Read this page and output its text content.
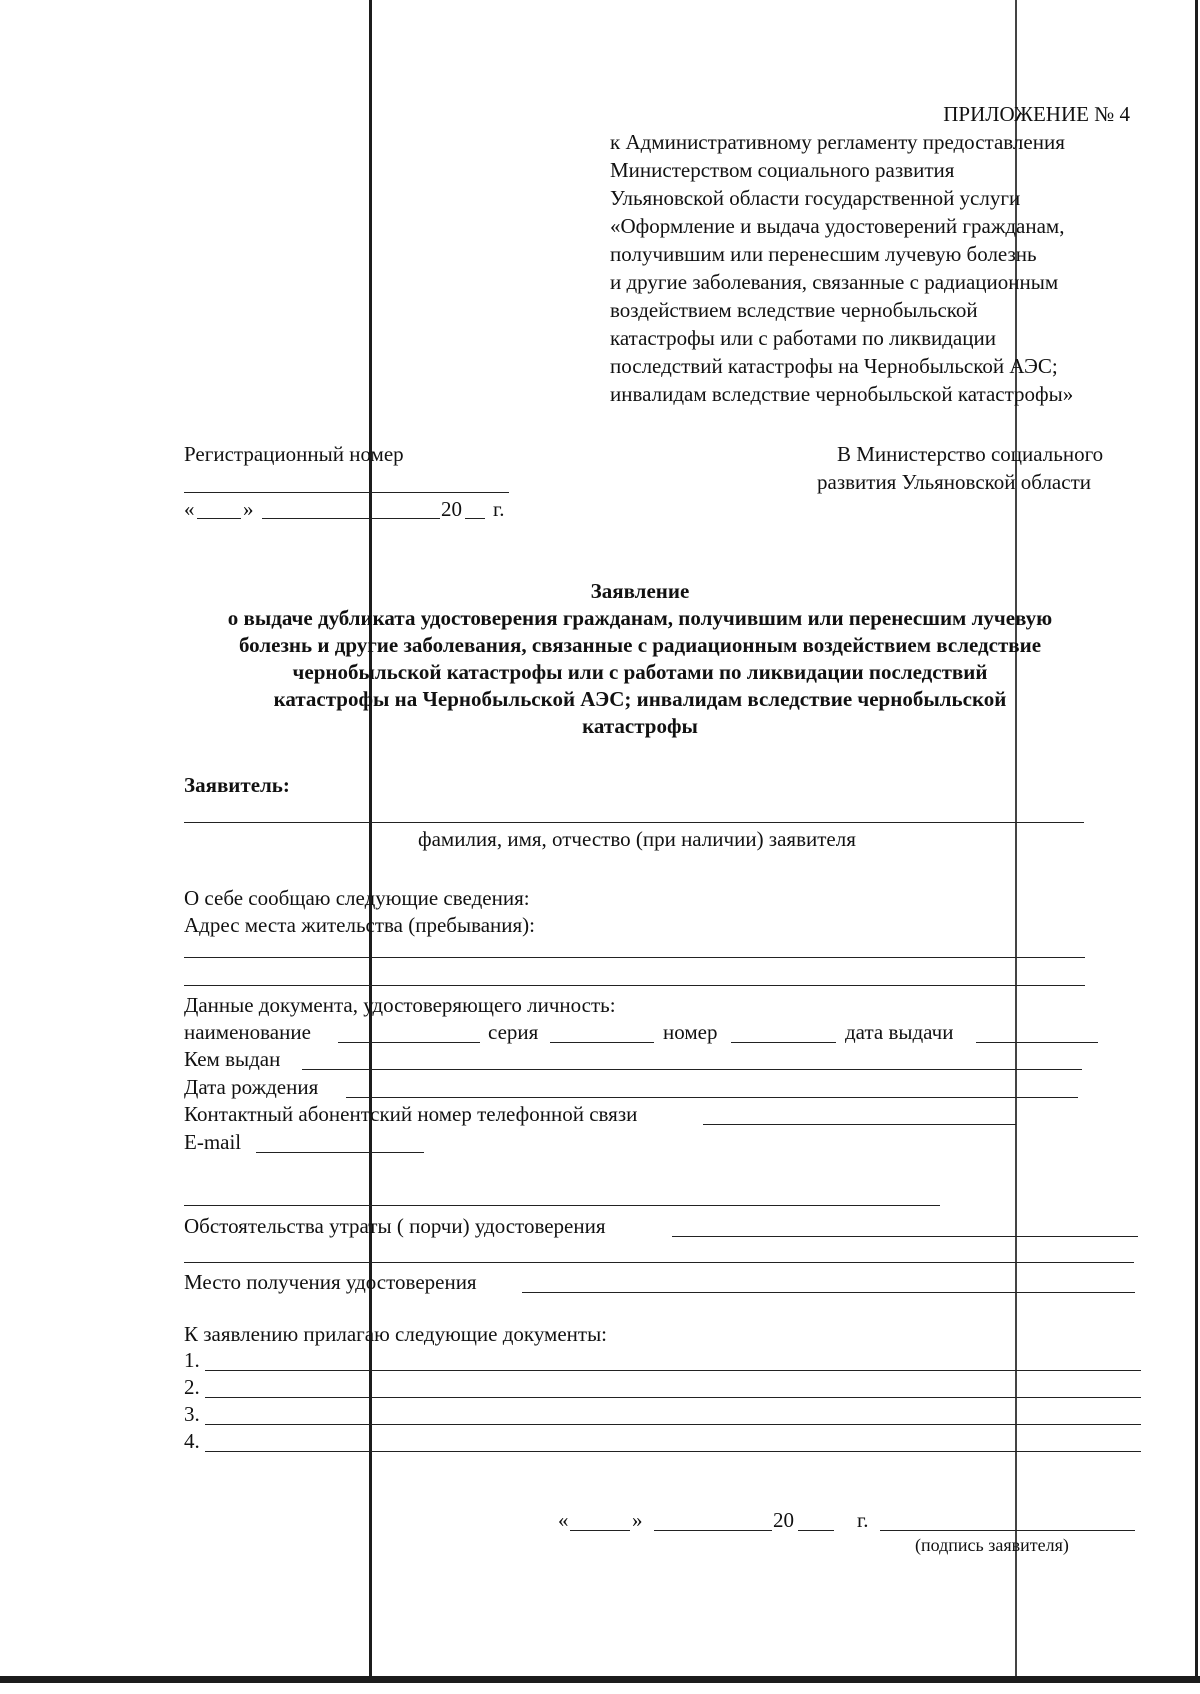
ПРИЛОЖЕНИЕ № 4
к Административному регламенту предоставления
Министерством социального развития
Ульяновской области государственной услуги
«Оформление и выдача удостоверений гражданам,
получившим или перенесшим лучевую болезнь
и другие заболевания, связанные с радиационным
воздействием вследствие чернобыльской
катастрофы или с работами по ликвидации
последствий катастрофы на Чернобыльской АЭС;
инвалидам вследствие чернобыльской катастрофы»
Регистрационный номер
« »	20 г.
В Министерство социального
развития Ульяновской области
Заявление
о выдаче дубликата удостоверения гражданам, получившим или перенесшим лучевую
болезнь и другие заболевания, связанные с радиационным воздействием вследствие
чернобыльской катастрофы или с работами по ликвидации последствий
катастрофы на Чернобыльской АЭС; инвалидам вследствие чернобыльской
катастрофы
Заявитель:
фамилия, имя, отчество (при наличии) заявителя
О себе сообщаю следующие сведения:
Адрес места жительства (пребывания):
Данные документа, удостоверяющего личность:
наименование	серия	номер	дата выдачи
Кем выдан
Дата рождения
Контактный абонентский номер телефонной связи
E-mail
Обстоятельства утраты ( порчи) удостоверения
Место получения удостоверения
К заявлению прилагаю следующие документы:
1.
2.
3.
4.
«	»	20	г.
(подпись заявителя)
